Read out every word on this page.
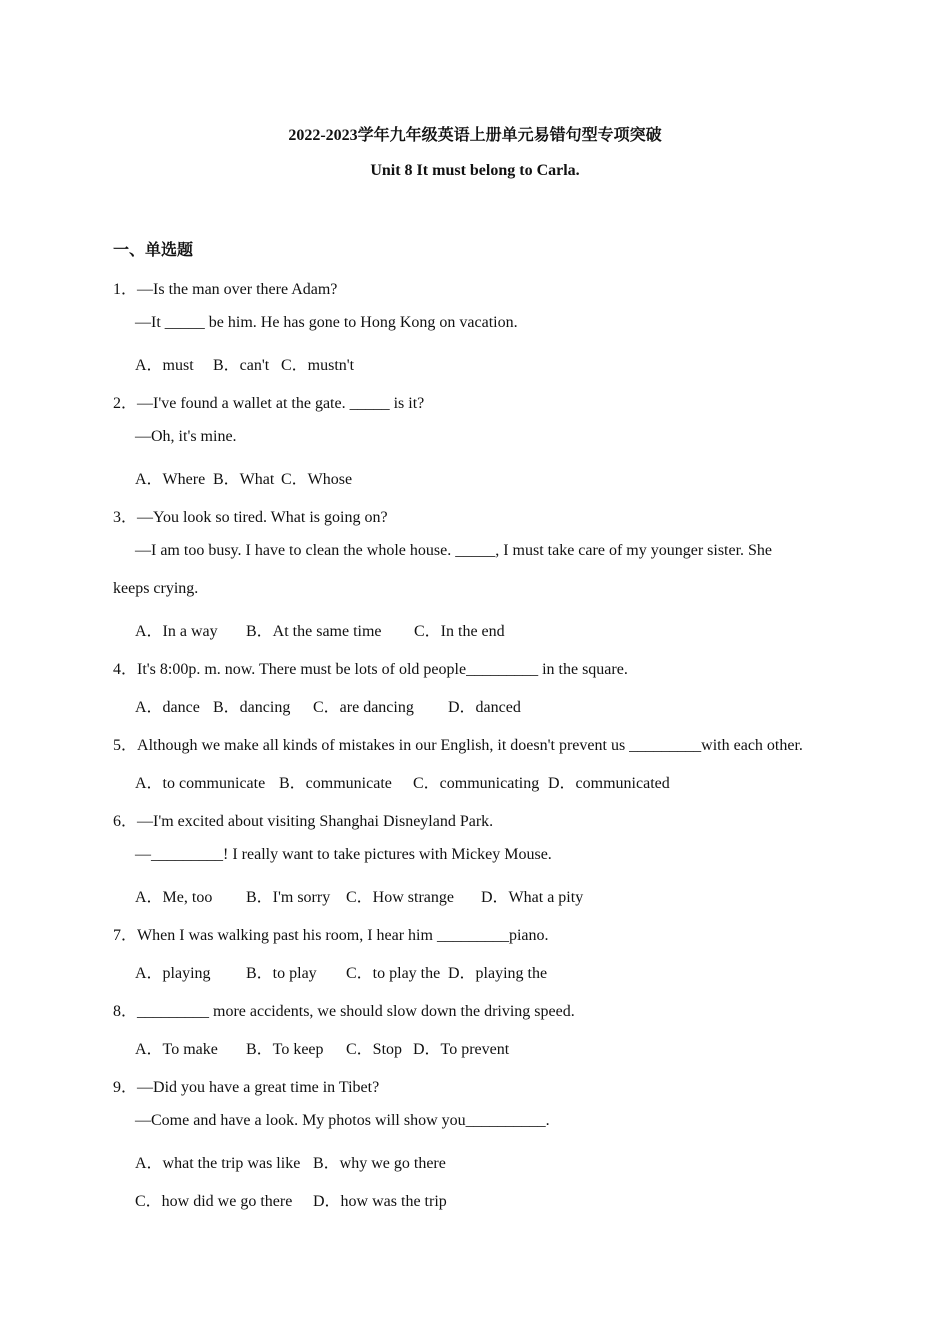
2022-2023学年九年级英语上册单元易错句型专项突破
Unit 8 It must belong to Carla.
一、单选题
1．—Is the man over there Adam?
—It _____ be him. He has gone to Hong Kong on vacation.
A．must B．can't C．mustn't
2．—I've found a wallet at the gate. _____ is it?
—Oh, it's mine.
A．Where B．What C．Whose
3．—You look so tired. What is going on?
—I am too busy. I have to clean the whole house. _____, I must take care of my younger sister. She
keeps crying.
A．In a way B．At the same time C．In the end
4．It's 8:00p. m. now. There must be lots of old people_________ in the square.
A．dance B．dancing C．are dancing D．danced
5．Although we make all kinds of mistakes in our English, it doesn't prevent us _________with each other.
A．to communicate B．communicate C．communicating D．communicated
6．—I'm excited about visiting Shanghai Disneyland Park.
—_________! I really want to take pictures with Mickey Mouse.
A．Me, too B．I'm sorry C．How strange D．What a pity
7．When I was walking past his room, I hear him _________piano.
A．playing B．to play C．to play the D．playing the
8．_________ more accidents, we should slow down the driving speed.
A．To make B．To keep C．Stop D．To prevent
9．—Did you have a great time in Tibet?
—Come and have a look. My photos will show you__________.
A．what the trip was like B．why we go there
C．how did we go there D．how was the trip
